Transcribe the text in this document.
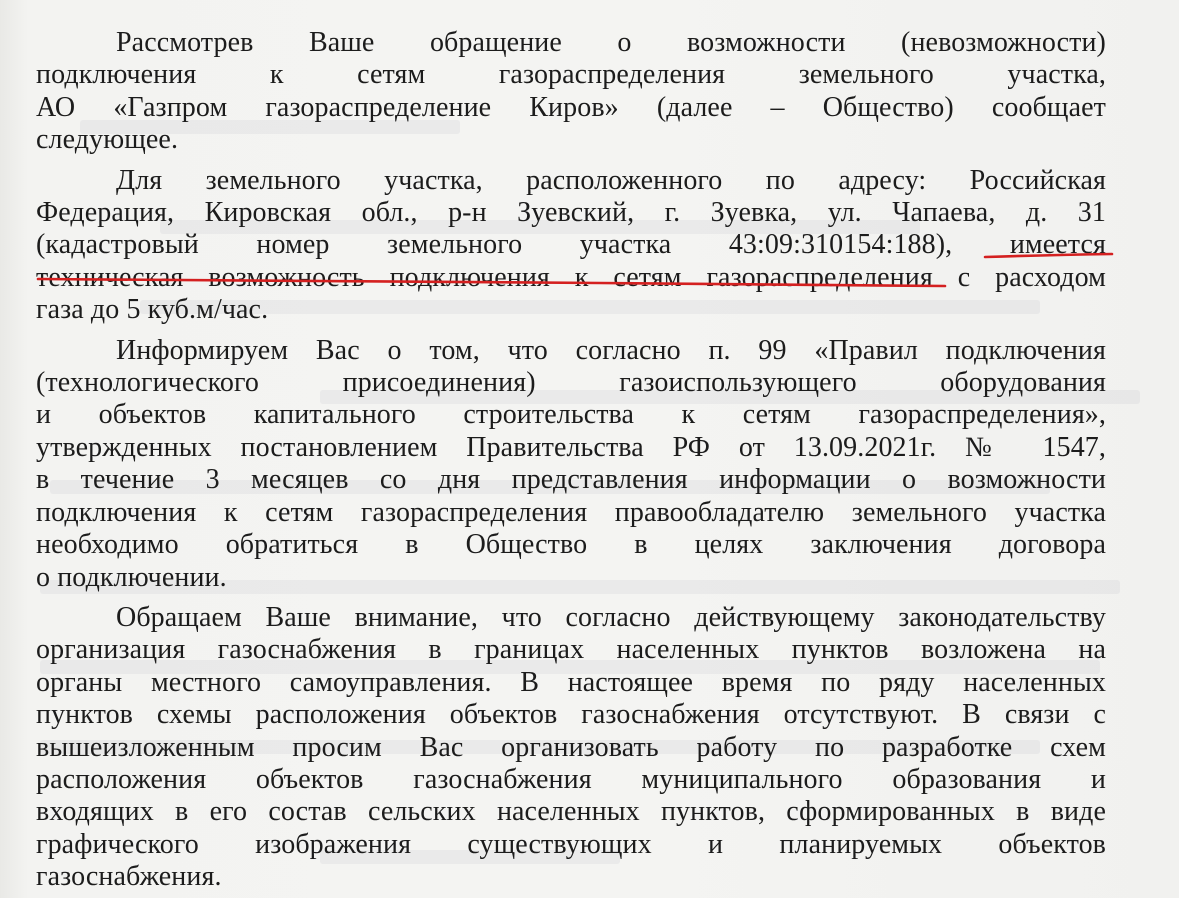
Рассмотрев Ваше обращение о возможности (невозможности)
подключения к сетям газораспределения земельного участка,
АО «Газпром газораспределение Киров» (далее – Общество) сообщает
следующее.

Для земельного участка, расположенного по адресу: Российская
Федерация, Кировская обл., р-н Зуевский, г. Зуевка, ул. Чапаева, д. 31
(кадастровый номер земельного участка 43:09:310154:188), имеется
техническая возможность подключения к сетям газораспределения с расходом
газа до 5 куб.м/час.

Информируем Вас о том, что согласно п. 99 «Правил подключения
(технологического присоединения) газоиспользующего оборудования
и объектов капитального строительства к сетям газораспределения»,
утвержденных постановлением Правительства РФ от 13.09.2021г. № 1547,
в течение 3 месяцев со дня представления информации о возможности
подключения к сетям газораспределения правообладателю земельного участка
необходимо обратиться в Общество в целях заключения договора
о подключении.

Обращаем Ваше внимание, что согласно действующему законодательству
организация газоснабжения в границах населенных пунктов возложена на
органы местного самоуправления. В настоящее время по ряду населенных
пунктов схемы расположения объектов газоснабжения отсутствуют. В связи с
вышеизложенным просим Вас организовать работу по разработке схем
расположения объектов газоснабжения муниципального образования и
входящих в его состав сельских населенных пунктов, сформированных в виде
графического изображения существующих и планируемых объектов
газоснабжения.
